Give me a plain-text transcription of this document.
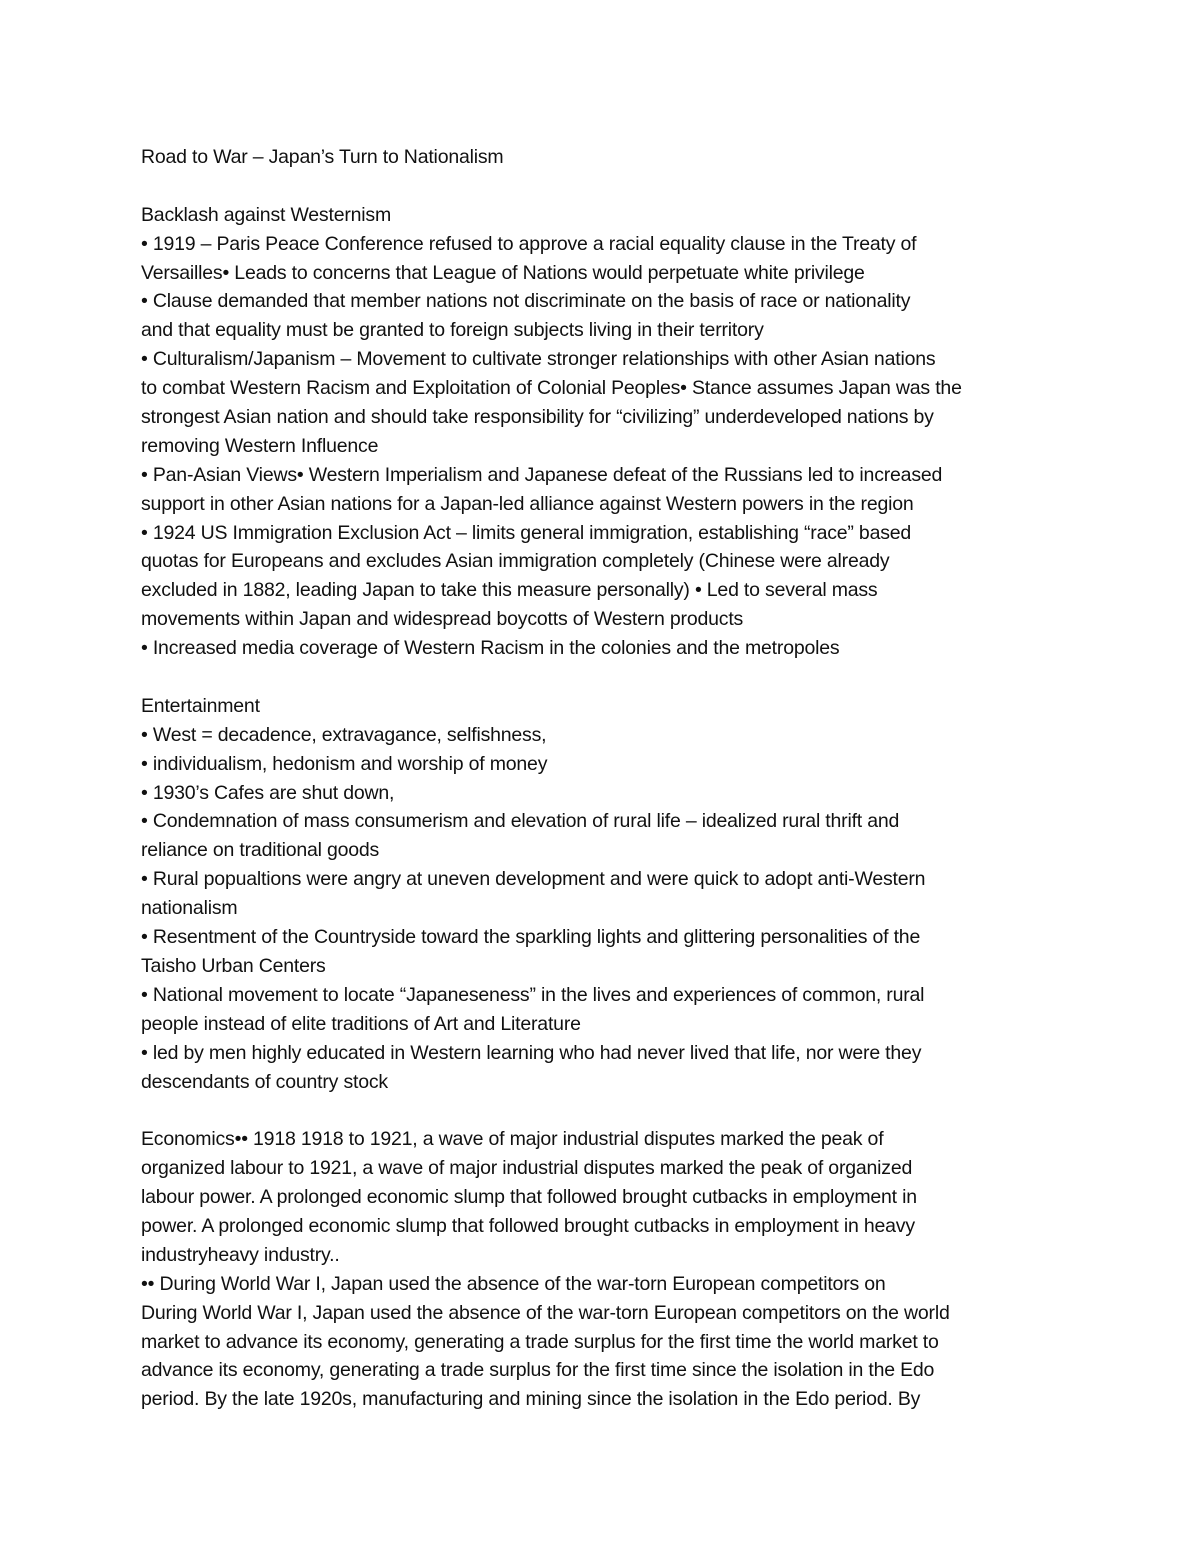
Road to War – Japan’s Turn to Nationalism
Backlash against Westernism
• 1919 – Paris Peace Conference refused to approve a racial equality clause in the Treaty of
Versailles• Leads to concerns that League of Nations would perpetuate white privilege
• Clause demanded that member nations not discriminate on the basis of race or nationality
and that equality must be granted to foreign subjects living in their territory
• Culturalism/Japanism – Movement to cultivate stronger relationships with other Asian nations
to combat Western Racism and Exploitation of Colonial Peoples• Stance assumes Japan was the
strongest Asian nation and should take responsibility for “civilizing” underdeveloped nations by
removing Western Influence
• Pan-Asian Views• Western Imperialism and Japanese defeat of the Russians led to increased
support in other Asian nations for a Japan-led alliance against Western powers in the region
• 1924 US Immigration Exclusion Act – limits general immigration, establishing “race” based
quotas for Europeans and excludes Asian immigration completely (Chinese were already
excluded in 1882, leading Japan to take this measure personally) • Led to several mass
movements within Japan and widespread boycotts of Western products
• Increased media coverage of Western Racism in the colonies and the metropoles
Entertainment
• West = decadence, extravagance, selfishness,
• individualism, hedonism and worship of money
• 1930’s Cafes are shut down,
• Condemnation of mass consumerism and elevation of rural life – idealized rural thrift and
reliance on traditional goods
• Rural popualtions were angry at uneven development and were quick to adopt anti-Western
nationalism
• Resentment of the Countryside toward the sparkling lights and glittering personalities of the
Taisho Urban Centers
• National movement to locate “Japaneseness” in the lives and experiences of common, rural
people instead of elite traditions of Art and Literature
• led by men highly educated in Western learning who had never lived that life, nor were they
descendants of country stock
Economics•• 1918 1918 to 1921, a wave of major industrial disputes marked the peak of
organized labour to 1921, a wave of major industrial disputes marked the peak of organized
labour power. A prolonged economic slump that followed brought cutbacks in employment in
power. A prolonged economic slump that followed brought cutbacks in employment in heavy
industryheavy industry..
•• During World War I, Japan used the absence of the war-torn European competitors on
During World War I, Japan used the absence of the war-torn European competitors on the world
market to advance its economy, generating a trade surplus for the first time the world market to
advance its economy, generating a trade surplus for the first time since the isolation in the Edo
period. By the late 1920s, manufacturing and mining since the isolation in the Edo period. By
